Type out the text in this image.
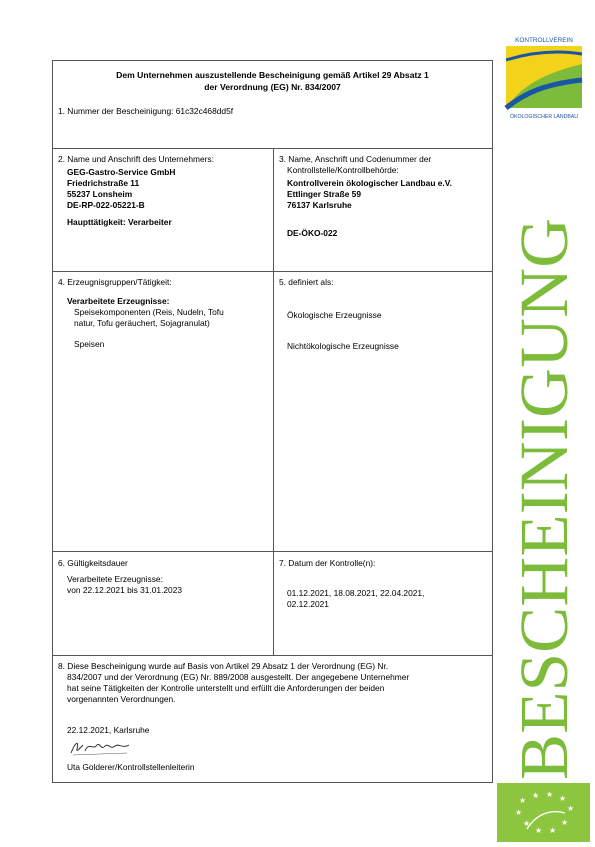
Dem Unternehmen auszustellende Bescheinigung gemäß Artikel 29 Absatz 1
der Verordnung (EG) Nr. 834/2007
1. Nummer der Bescheinigung: 61c32c468dd5f
2. Name und Anschrift des Unternehmers:
GEG-Gastro-Service GmbH
Friedrichstraße 11
55237 Lonsheim
DE-RP-022-05221-B
Haupttätigkeit: Verarbeiter
3. Name, Anschrift und Codenummer der
Kontrollstelle/Kontrollbehörde:
Kontrollverein ökologischer Landbau e.V.
Ettlinger Straße 59
76137 Karlsruhe
DE-ÖKO-022
4. Erzeugnisgruppen/Tätigkeit:
Verarbeitete Erzeugnisse:
Speisekomponenten (Reis, Nudeln, Tofu
natur, Tofu geräuchert, Sojagranulat)
Speisen
5. definiert als:
Ökologische Erzeugnisse
Nichtökologische Erzeugnisse
6. Gültigkeitsdauer
Verarbeitete Erzeugnisse:
von 22.12.2021 bis 31.01.2023
7. Datum der Kontrolle(n):
01.12.2021, 18.08.2021, 22.04.2021,
02.12.2021
8. Diese Bescheinigung wurde auf Basis von Artikel 29 Absatz 1 der Verordnung (EG) Nr.
834/2007 und der Verordnung (EG) Nr. 889/2008 ausgestellt. Der angegebene Unternehmer
hat seine Tätigkeiten der Kontrolle unterstellt und erfüllt die Anforderungen der beiden
vorgenannten Verordnungen.
22.12.2021, Karlsruhe
Uta Golderer/Kontrollstellenleiterin
KONTROLLVEREIN
ÖKOLOGISCHER LANDBAU
BESCHEINIGUNG
★
★ ★ ★
★
★
★
★ ★
★
